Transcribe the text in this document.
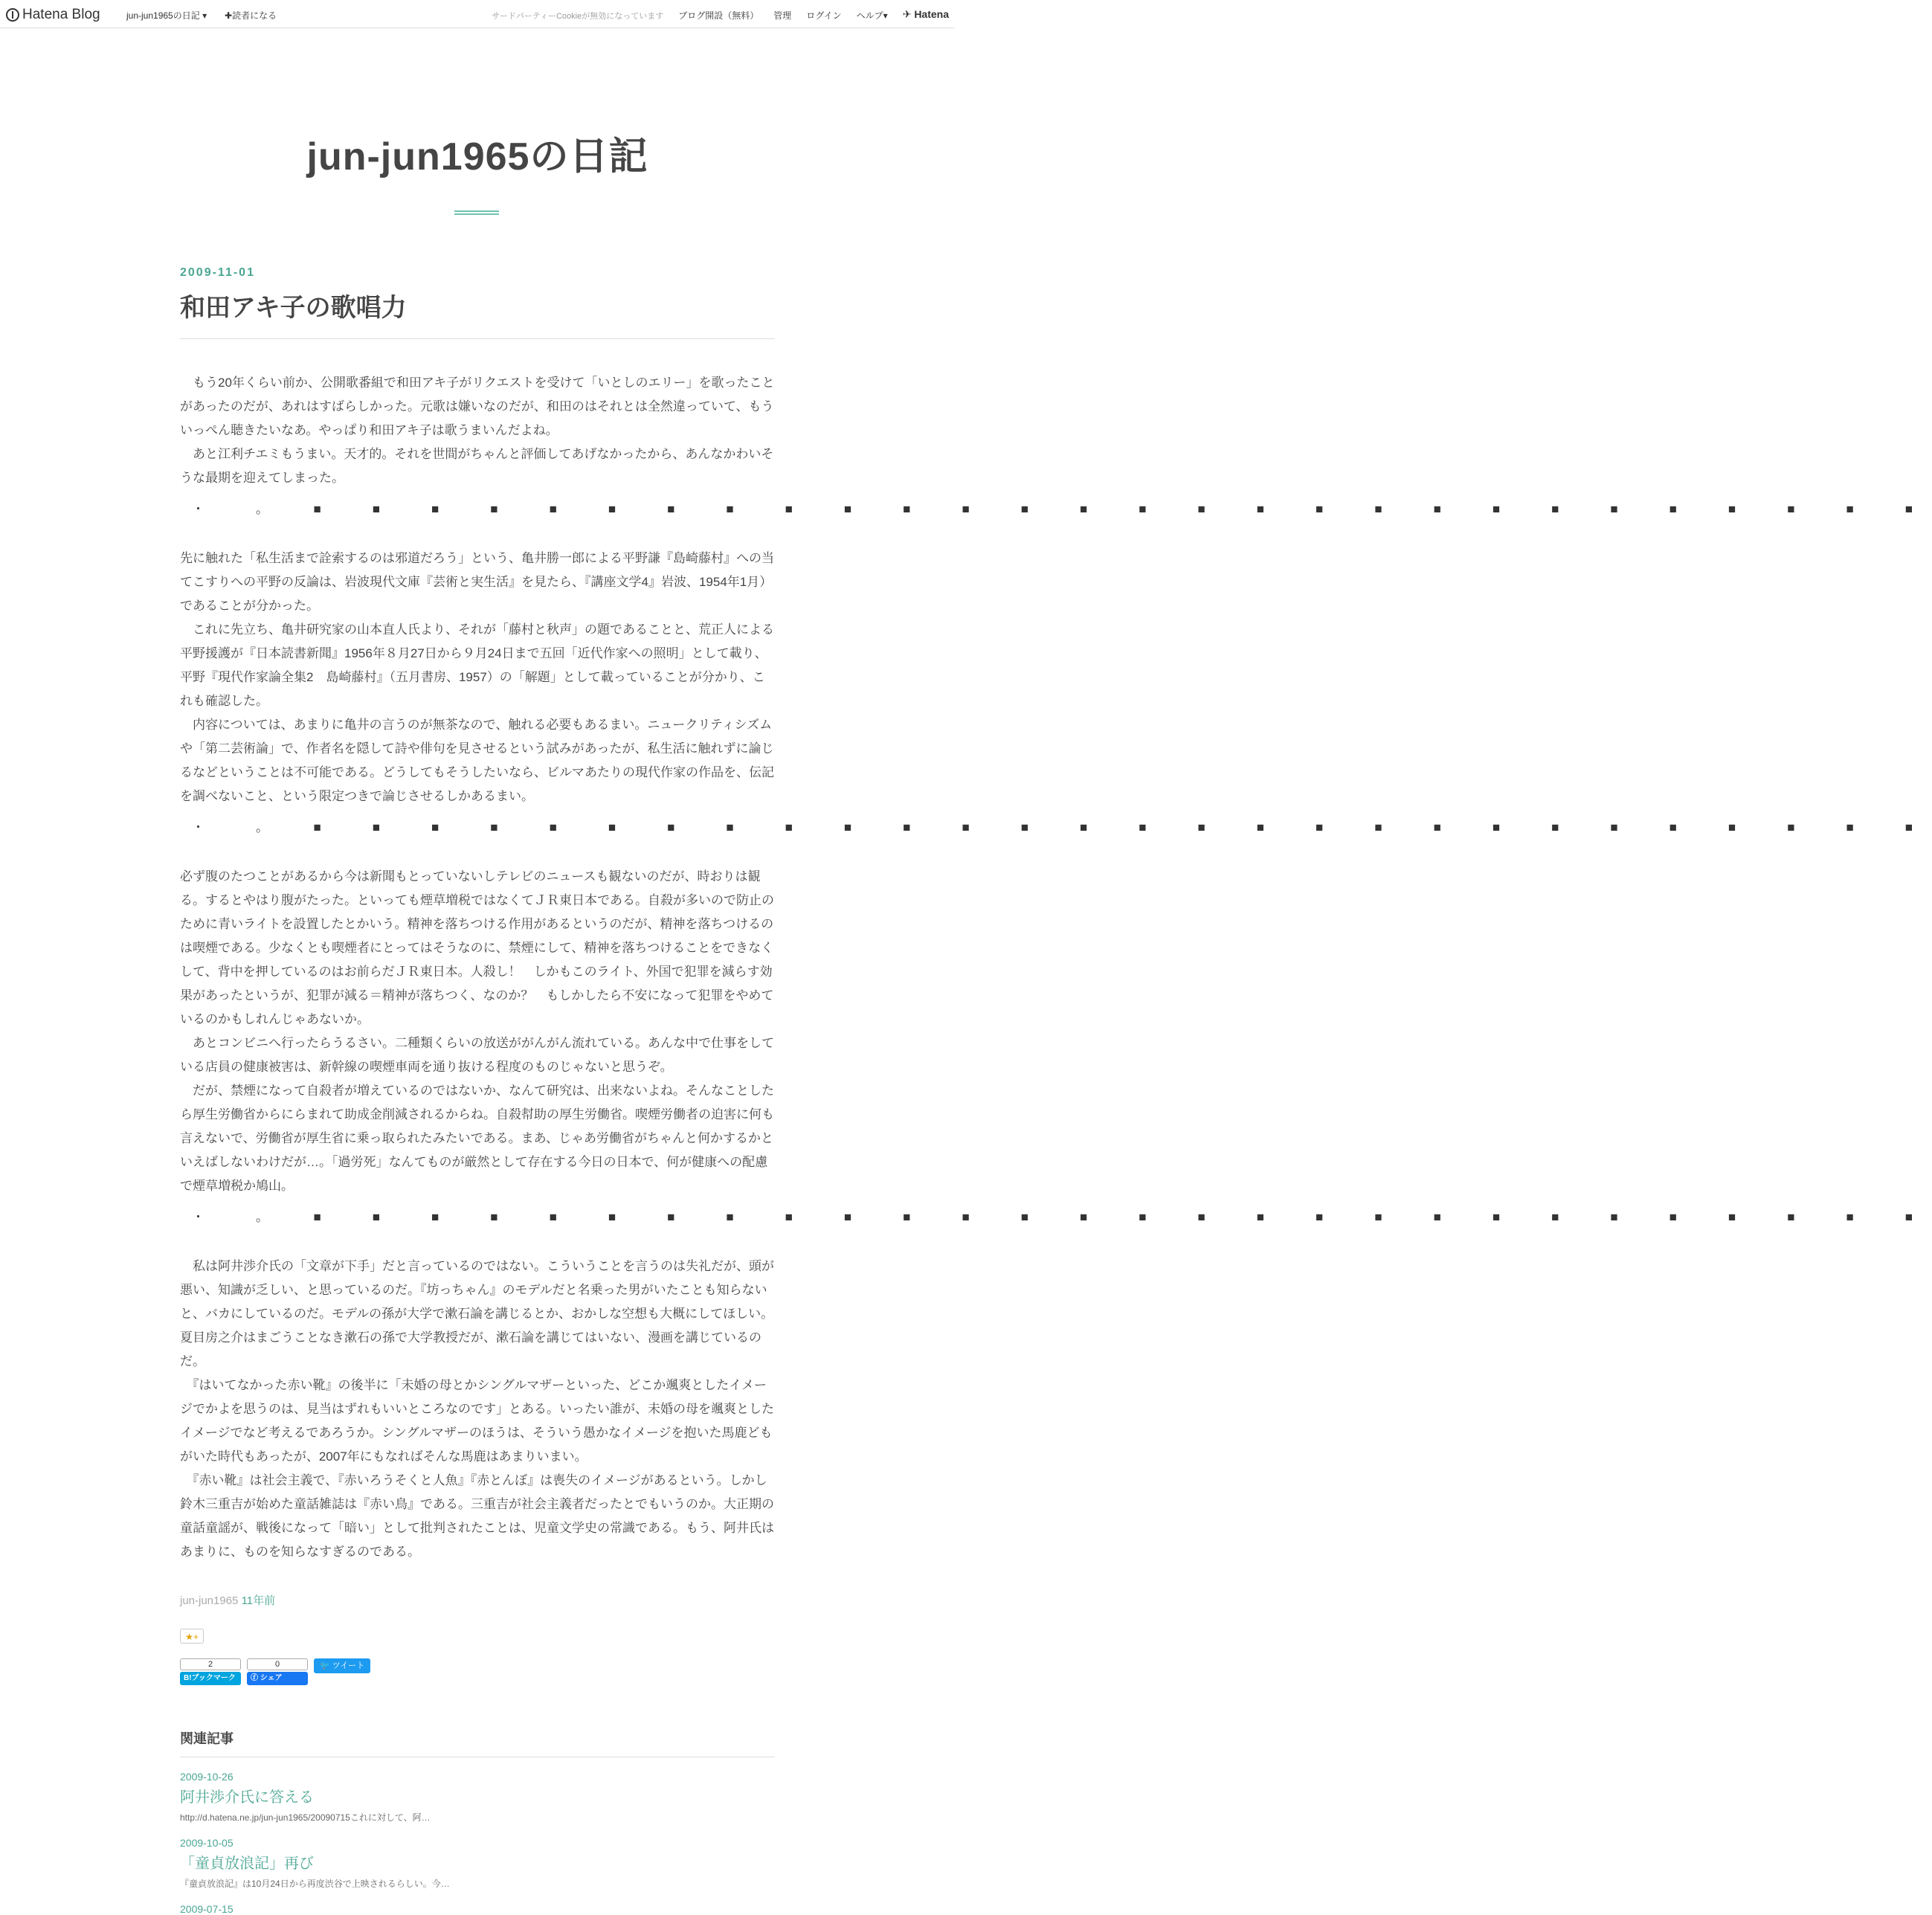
Hatena Blog	jun-jun1965の日記 ▾ ✚読者になる	サードパーティーCookieが無効になっています ブログ開設（無料） 管理 ログイン ヘルプ▾ ✈ Hatena
jun-jun1965の日記
2009-11-01
和田アキ子の歌唱力

　もう20年くらい前か、公開歌番組で和田アキ子がリクエストを受けて「いとしのエリー」を歌ったことがあったのだが、あれはすばらしかった。元歌は嫌いなのだが、和田のはそれとは全然違っていて、もういっぺん聴きたいなあ。やっぱり和田アキ子は歌うまいんだよね。

　あと江利チエミもうまい。天才的。それを世間がちゃんと評価してあげなかったから、あんなかわいそうな最期を迎えてしまった。

・　。　■　■　■　■　■　■　■　■　■　■　■　■　■　■　■　■　■　■　■　■　■　■　■　■　■　■　■　■

先に触れた「私生活まで詮索するのは邪道だろう」という、亀井勝一郎による平野謙『島崎藤村』への当てこすりへの平野の反論は、岩波現代文庫『芸術と実生活』を見たら、『講座文学4』岩波、1954年1月）であることが分かった。

　これに先立ち、亀井研究家の山本直人氏より、それが「藤村と秋声」の題であることと、荒正人による平野援護が『日本読書新聞』1956年８月27日から９月24日まで五回「近代作家への照明」として載り、平野『現代作家論全集2　島崎藤村』（五月書房、1957）の「解題」として載っていることが分かり、これも確認した。

　内容については、あまりに亀井の言うのが無茶なので、触れる必要もあるまい。ニュークリティシズムや「第二芸術論」で、作者名を隠して詩や俳句を見させるという試みがあったが、私生活に触れずに論じるなどということは不可能である。どうしてもそうしたいなら、ビルマあたりの現代作家の作品を、伝記を調べないこと、という限定つきで論じさせるしかあるまい。

・　。　■　■　■　■　■　■　■　■　■　■　■　■　■　■　■　■　■　■　■　■　■　■　■　■　■　■　■　■

必ず腹のたつことがあるから今は新聞もとっていないしテレビのニュースも観ないのだが、時おりは観る。するとやはり腹がたった。といっても煙草増税ではなくてＪＲ東日本である。自殺が多いので防止のために青いライトを設置したとかいう。精神を落ちつける作用があるというのだが、精神を落ちつけるのは喫煙である。少なくとも喫煙者にとってはそうなのに、禁煙にして、精神を落ちつけることをできなくして、背中を押しているのはお前らだＪＲ東日本。人殺し！　しかもこのライト、外国で犯罪を減らす効果があったというが、犯罪が減る＝精神が落ちつく、なのか？　もしかしたら不安になって犯罪をやめているのかもしれんじゃあないか。

　あとコンビニへ行ったらうるさい。二種類くらいの放送ががんがん流れている。あんな中で仕事をしている店員の健康被害は、新幹線の喫煙車両を通り抜ける程度のものじゃないと思うぞ。

　だが、禁煙になって自殺者が増えているのではないか、なんて研究は、出来ないよね。そんなことしたら厚生労働省からにらまれて助成金削減されるからね。自殺幇助の厚生労働省。喫煙労働者の迫害に何も言えないで、労働省が厚生省に乗っ取られたみたいである。まあ、じゃあ労働省がちゃんと何かするかといえばしないわけだが…。「過労死」なんてものが厳然として存在する今日の日本で、何が健康への配慮で煙草増税か鳩山。

・　。　■　■　■　■　■　■　■　■　■　■　■　■　■　■　■　■　■　■　■　■　■　■　■　■　■　■　■　■

　私は阿井渉介氏の「文章が下手」だと言っているのではない。こういうことを言うのは失礼だが、頭が悪い、知識が乏しい、と思っているのだ。『坊っちゃん』のモデルだと名乗った男がいたことも知らないと、バカにしているのだ。モデルの孫が大学で漱石論を講じるとか、おかしな空想も大概にしてほしい。夏目房之介はまごうことなき漱石の孫で大学教授だが、漱石論を講じてはいない、漫画を講じているのだ。

　『はいてなかった赤い靴』の後半に「未婚の母とかシングルマザーといった、どこか颯爽としたイメージでかよを思うのは、見当はずれもいいところなのです」とある。いったい誰が、未婚の母を颯爽としたイメージでなど考えるであろうか。シングルマザーのほうは、そういう愚かなイメージを抱いた馬鹿どもがいた時代もあったが、2007年にもなればそんな馬鹿はあまりいまい。

　『赤い靴』は社会主義で、『赤いろうそくと人魚』『赤とんぼ』は喪失のイメージがあるという。しかし鈴木三重吉が始めた童話雑誌は『赤い鳥』である。三重吉が社会主義者だったとでもいうのか。大正期の童話童謡が、戦後になって「暗い」として批判されたことは、児童文学史の常識である。もう、阿井氏はあまりに、ものを知らなすぎるのである。

jun-jun1965 11年前
★+
2
B!ブックマーク
0
ⓕ シェア
🐦 ツイート
関連記事
2009-10-26
阿井渉介氏に答える
http://d.hatena.ne.jp/jun-jun1965/20090715これに対して、阿…
2009-10-05
「童貞放浪記」再び
『童貞放浪記』は10月24日から再度渋谷で上映されるらしい。今…
2009-07-15
